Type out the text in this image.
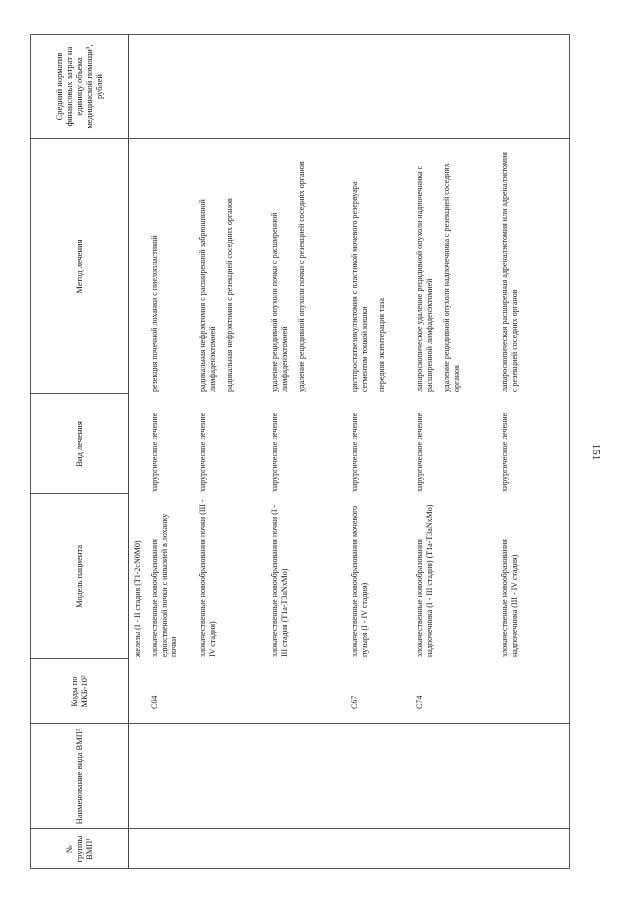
151
№ группы ВМП¹
Наименование вида ВМП¹
Коды по МКБ-10²
Модель пациента
Вид лечения
Метод лечения
Средний норматив финансовых затрат на единицу объема медицинской помощи³, рублей
железы (I - II стадия (T1-2cN0M0)
C64
злокачественные новообразования единственной почки с инвазией в лоханку почки
хирургическое лечение
резекция почечной лоханки с пиелопластикой
злокачественные новообразования почки (III - IV стадия)
хирургическое лечение
радикальная нефрэктомия с расширенной забрюшинной лимфаденэктомией радикальная нефрэктомия с резекцией соседних органов
злокачественные новообразования почки (I - III стадия (T1a-T3aNxMo)
хирургическое лечение
удаление рецидивной опухоли почки с расширенной лимфаденэктомией удаление рецидивной опухоли почки с резекцией соседних органов
C67
злокачественные новообразования мочевого пузыря (I - IV стадия)
хирургическое лечение
цистпростатвезикулэктомия с пластикой мочевого резервуара сегментом тонкой кишки передняя экзентерация таза
C74
злокачественные новообразования надпочечника (I - III стадия) (T1a-T3aNxMo)
хирургическое лечение
лапароскопическое удаление рецидивной опухоли надпочечника с расширенной лимфаденэктомией удаление рецидивной опухоли надпочечника с резекцией соседних органов
злокачественные новообразования надпочечника (III - IV стадия)
хирургическое лечение
лапароскопическая расширенная адреналэктомия или адреналэктомия с резекцией соседних органов
